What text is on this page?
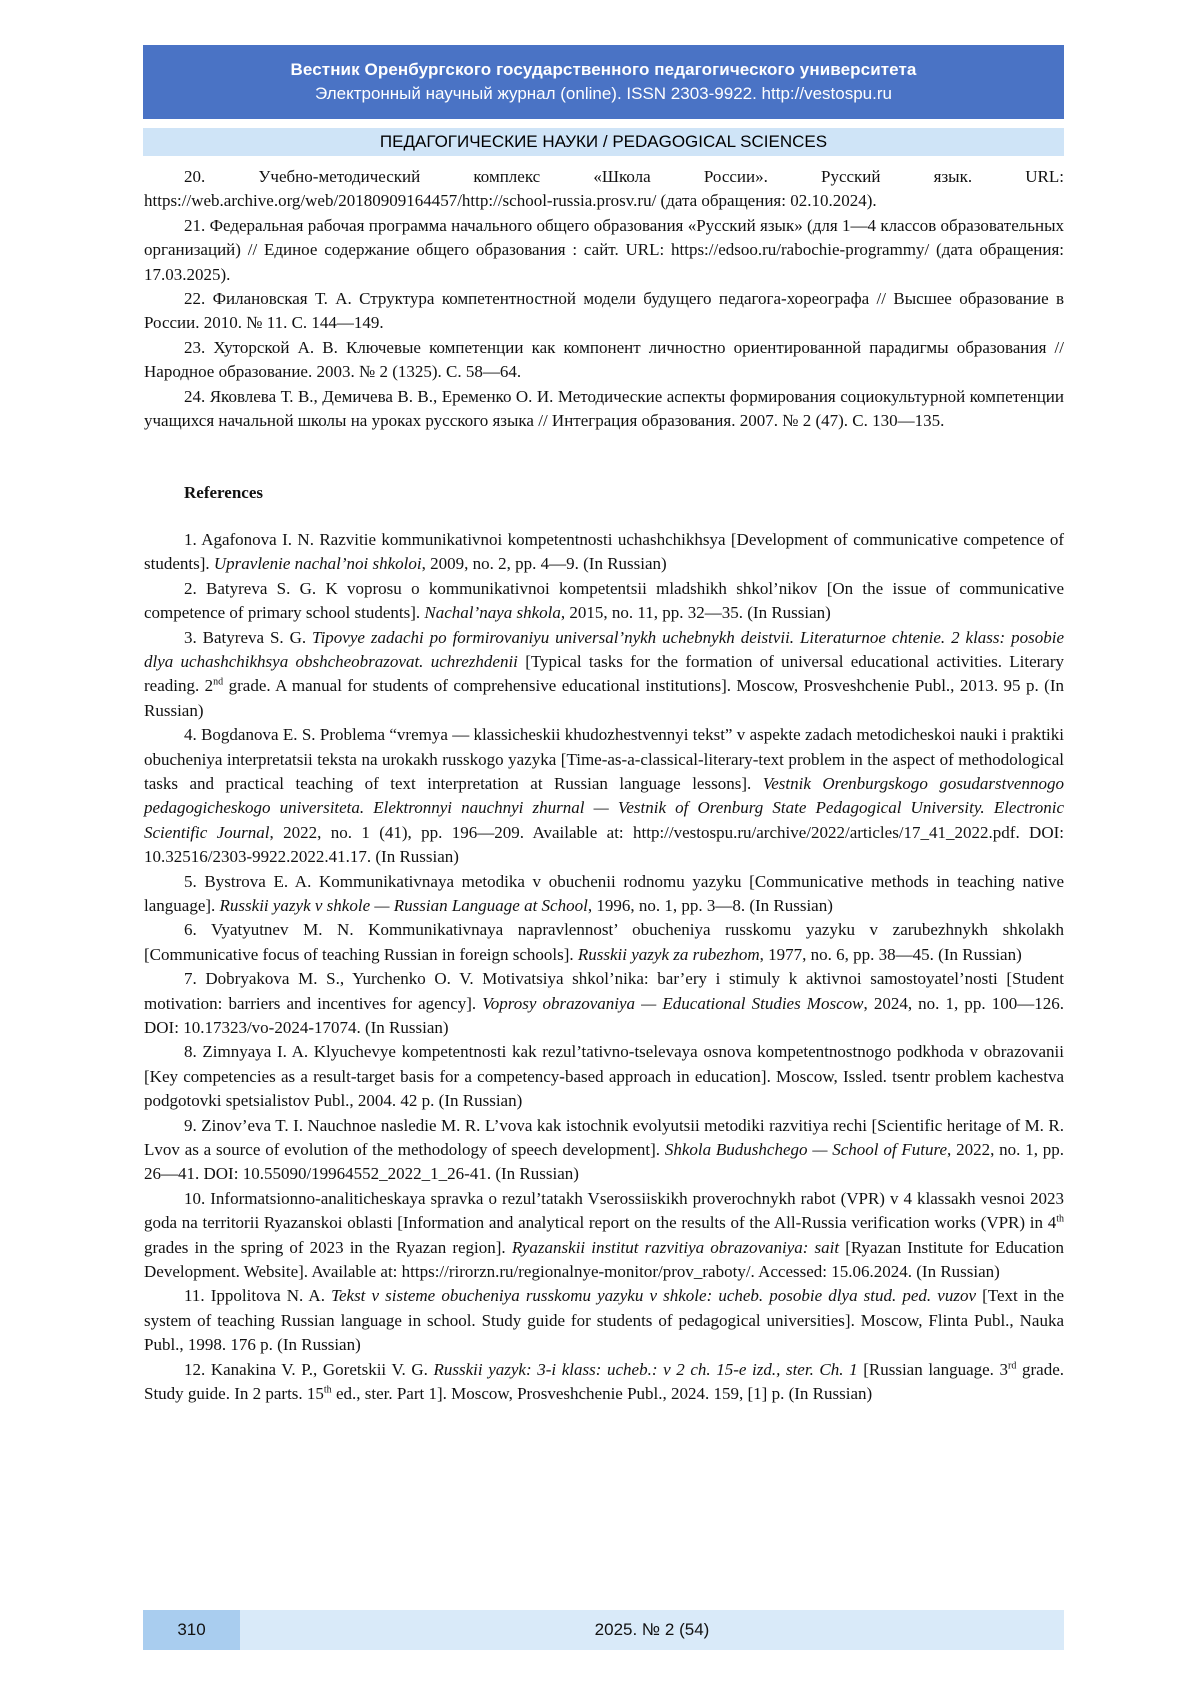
Вестник Оренбургского государственного педагогического университета
Электронный научный журнал (online). ISSN 2303-9922. http://vestospu.ru
ПЕДАГОГИЧЕСКИЕ НАУКИ / PEDAGOGICAL SCIENCES

20. Учебно-методический комплекс «Школа России». Русский язык. URL: https://web.archive.org/web/20180909164457/http://school-russia.prosv.ru/ (дата обращения: 02.10.2024).

21. Федеральная рабочая программа начального общего образования «Русский язык» (для 1—4 классов образовательных организаций) // Единое содержание общего образования : сайт. URL: https://edsoo.ru/rabochie-programmy/ (дата обращения: 17.03.2025).

22. Филановская Т. А. Структура компетентностной модели будущего педагога-хореографа // Высшее образование в России. 2010. № 11. С. 144—149.

23. Хуторской А. В. Ключевые компетенции как компонент личностно ориентированной парадигмы образования // Народное образование. 2003. № 2 (1325). С. 58—64.

24. Яковлева Т. В., Демичева В. В., Еременко О. И. Методические аспекты формирования социокультурной компетенции учащихся начальной школы на уроках русского языка // Интеграция образования. 2007. № 2 (47). С. 130—135.

References

1. Agafonova I. N. Razvitie kommunikativnoi kompetentnosti uchashchikhsya [Development of communicative competence of students]. Upravlenie nachal’noi shkoloi, 2009, no. 2, pp. 4—9. (In Russian)

2. Batyreva S. G. K voprosu o kommunikativnoi kompetentsii mladshikh shkol’nikov [On the issue of communicative competence of primary school students]. Nachal’naya shkola, 2015, no. 11, pp. 32—35. (In Russian)

3. Batyreva S. G. Tipovye zadachi po formirovaniyu universal’nykh uchebnykh deistvii. Literaturnoe chtenie. 2 klass: posobie dlya uchashchikhsya obshcheobrazovat. uchrezhdenii [Typical tasks for the formation of universal educational activities. Literary reading. 2nd grade. A manual for students of comprehensive educational institutions]. Moscow, Prosveshchenie Publ., 2013. 95 p. (In Russian)

4. Bogdanova E. S. Problema “vremya — klassicheskii khudozhestvennyi tekst” v aspekte zadach metodicheskoi nauki i praktiki obucheniya interpretatsii teksta na urokakh russkogo yazyka [Time-as-a-classical-literary-text problem in the aspect of methodological tasks and practical teaching of text interpretation at Russian language lessons]. Vestnik Orenburgskogo gosudarstvennogo pedagogicheskogo universiteta. Elektronnyi nauchnyi zhurnal — Vestnik of Orenburg State Pedagogical University. Electronic Scientific Journal, 2022, no. 1 (41), pp. 196—209. Available at: http://vestospu.ru/archive/2022/articles/17_41_2022.pdf. DOI: 10.32516/2303-9922.2022.41.17. (In Russian)

5. Bystrova E. A. Kommunikativnaya metodika v obuchenii rodnomu yazyku [Communicative methods in teaching native language]. Russkii yazyk v shkole — Russian Language at School, 1996, no. 1, pp. 3—8. (In Russian)

6. Vyatyutnev M. N. Kommunikativnaya napravlennost’ obucheniya russkomu yazyku v zarubezhnykh shkolakh [Communicative focus of teaching Russian in foreign schools]. Russkii yazyk za rubezhom, 1977, no. 6, pp. 38—45. (In Russian)

7. Dobryakova M. S., Yurchenko O. V. Motivatsiya shkol’nika: bar’ery i stimuly k aktivnoi samostoyatel’nosti [Student motivation: barriers and incentives for agency]. Voprosy obrazovaniya — Educational Studies Moscow, 2024, no. 1, pp. 100—126. DOI: 10.17323/vo-2024-17074. (In Russian)

8. Zimnyaya I. A. Klyuchevye kompetentnosti kak rezul’tativno-tselevaya osnova kompetentnostnogo podkhoda v obrazovanii [Key competencies as a result-target basis for a competency-based approach in education]. Moscow, Issled. tsentr problem kachestva podgotovki spetsialistov Publ., 2004. 42 p. (In Russian)

9. Zinov’eva T. I. Nauchnoe nasledie M. R. L’vova kak istochnik evolyutsii metodiki razvitiya rechi [Scientific heritage of M. R. Lvov as a source of evolution of the methodology of speech development]. Shkola Budushchego — School of Future, 2022, no. 1, pp. 26—41. DOI: 10.55090/19964552_2022_1_26-41. (In Russian)

10. Informatsionno-analiticheskaya spravka o rezul’tatakh Vserossiiskikh proverochnykh rabot (VPR) v 4 klassakh vesnoi 2023 goda na territorii Ryazanskoi oblasti [Information and analytical report on the results of the All-Russia verification works (VPR) in 4th grades in the spring of 2023 in the Ryazan region]. Ryazanskii institut razvitiya obrazovaniya: sait [Ryazan Institute for Education Development. Website]. Available at: https://rirorzn.ru/regionalnye-monitor/prov_raboty/. Accessed: 15.06.2024. (In Russian)

11. Ippolitova N. A. Tekst v sisteme obucheniya russkomu yazyku v shkole: ucheb. posobie dlya stud. ped. vuzov [Text in the system of teaching Russian language in school. Study guide for students of pedagogical universities]. Moscow, Flinta Publ., Nauka Publ., 1998. 176 p. (In Russian)

12. Kanakina V. P., Goretskii V. G. Russkii yazyk: 3-i klass: ucheb.: v 2 ch. 15-e izd., ster. Ch. 1 [Russian language. 3rd grade. Study guide. In 2 parts. 15th ed., ster. Part 1]. Moscow, Prosveshchenie Publ., 2024. 159, [1] p. (In Russian)

310	2025. № 2 (54)
